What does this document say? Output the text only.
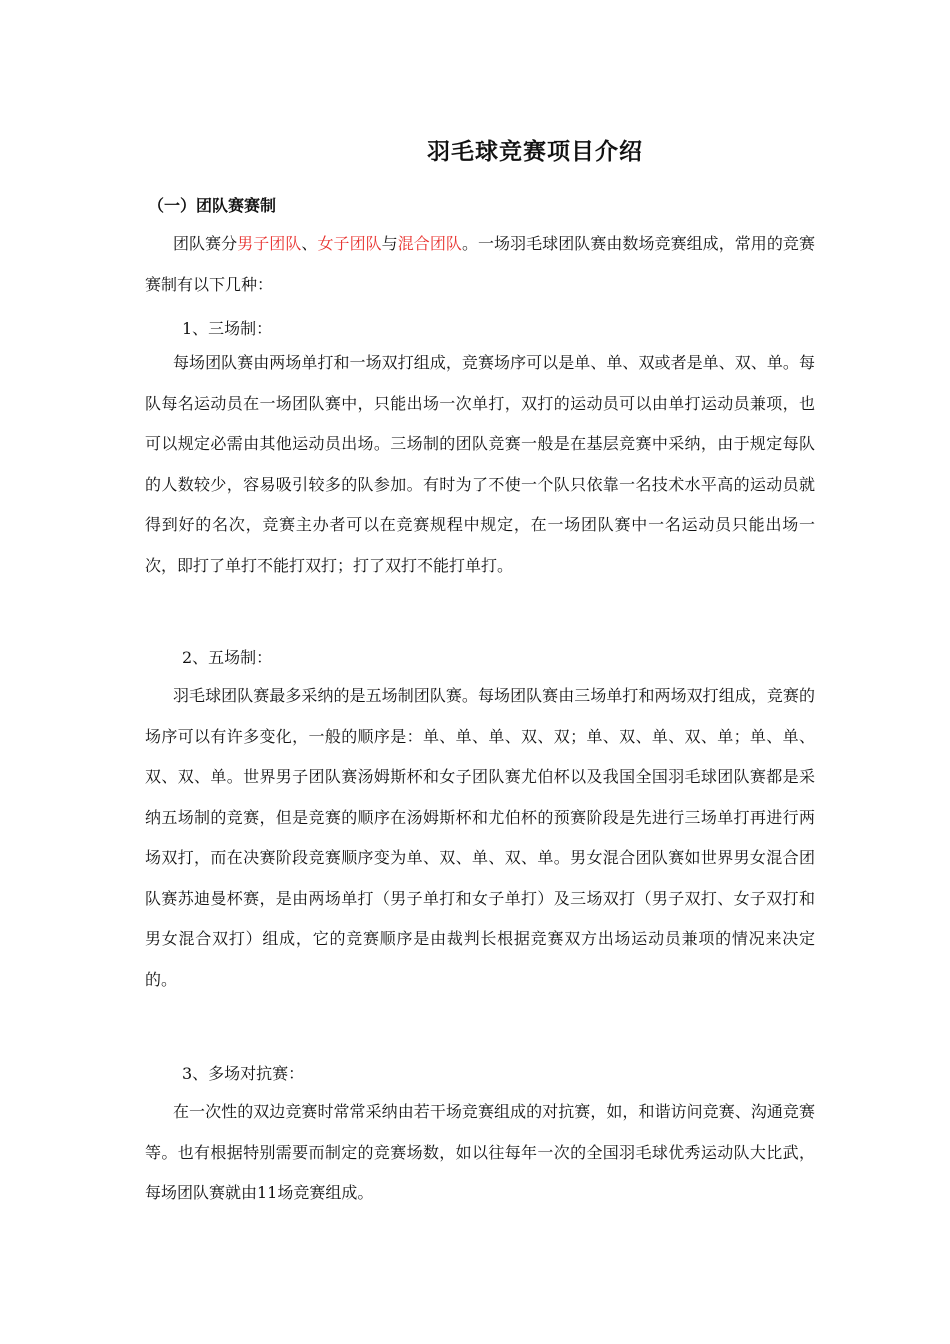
羽毛球竞赛项目介绍
（一）团队赛赛制

团队赛分男子团队、女子团队与混合团队。一场羽毛球团队赛由数场竞赛组成，常用的竞赛赛制有以下几种：

1、三场制：

每场团队赛由两场单打和一场双打组成，竞赛场序可以是单、单、双或者是单、双、单。每队每名运动员在一场团队赛中，只能出场一次单打，双打的运动员可以由单打运动员兼项，也可以规定必需由其他运动员出场。三场制的团队竞赛一般是在基层竞赛中采纳，由于规定每队的人数较少，容易吸引较多的队参加。有时为了不使一个队只依靠一名技术水平高的运动员就得到好的名次，竞赛主办者可以在竞赛规程中规定，在一场团队赛中一名运动员只能出场一次，即打了单打不能打双打；打了双打不能打单打。

2、五场制：

羽毛球团队赛最多采纳的是五场制团队赛。每场团队赛由三场单打和两场双打组成，竞赛的场序可以有许多变化，一般的顺序是：单、单、单、双、双；单、双、单、双、单；单、单、双、双、单。世界男子团队赛汤姆斯杯和女子团队赛尤伯杯以及我国全国羽毛球团队赛都是采纳五场制的竞赛，但是竞赛的顺序在汤姆斯杯和尤伯杯的预赛阶段是先进行三场单打再进行两场双打，而在决赛阶段竞赛顺序变为单、双、单、双、单。男女混合团队赛如世界男女混合团队赛苏迪曼杯赛，是由两场单打（男子单打和女子单打）及三场双打（男子双打、女子双打和男女混合双打）组成，它的竞赛顺序是由裁判长根据竞赛双方出场运动员兼项的情况来决定的。

3、多场对抗赛：

在一次性的双边竞赛时常常采纳由若干场竞赛组成的对抗赛，如，和谐访问竞赛、沟通竞赛等。也有根据特别需要而制定的竞赛场数，如以往每年一次的全国羽毛球优秀运动队大比武，每场团队赛就由11场竞赛组成。
